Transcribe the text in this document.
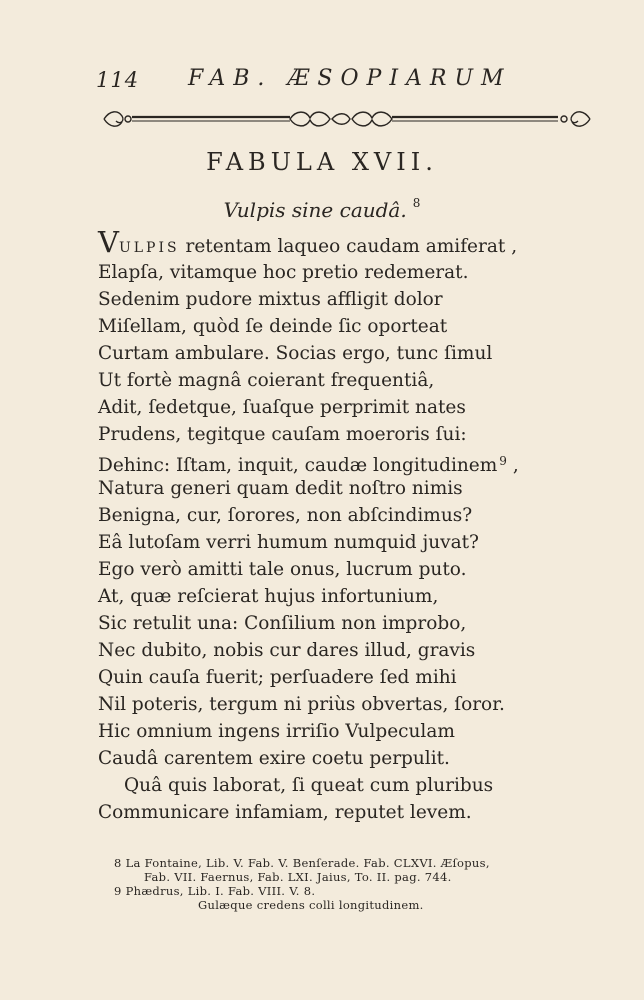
114 FAB. ÆSOPIARUM
FABULA XVII.
Vulpis sine caudâ. $^8$
VULPIS retentam laqueo caudam amiferat ,
Elapſa, vitamque hoc pretio redemerat.
Sedenim pudore mixtus affligit dolor
Miſellam, quòd ſe deinde ſic oporteat
Curtam ambulare. Socias ergo, tunc ſimul
Ut fortè magnâ coierant frequentiâ,
Adit, ſedetque, ſuaſque perprimit nates
Prudens, tegitque cauſam moeroris ſui:
Dehinc: Iſtam, inquit, caudæ longitudinem $^9$ ,
Natura generi quam dedit noſtro nimis
Benigna, cur, ſorores, non abſcindimus?
Eâ lutoſam verri humum numquid juvat?
Ego verò amitti tale onus, lucrum puto.
At, quæ reſcierat hujus infortunium,
Sic retulit una: Conſilium non improbo,
Nec dubito, nobis cur dares illud, gravis
Quin cauſa fuerit; perſuadere ſed mihi
Nil poteris, tergum ni priùs obvertas, ſoror.
Hic omnium ingens irriſio Vulpeculam
Caudâ carentem exire coetu perpulit.
Quâ quis laborat, ſi queat cum pluribus
Communicare infamiam, reputet levem.
8 La Fontaine, Lib. V. Fab. V. Benſerade. Fab. CLXVI. Æſopus,
Fab. VII. Faernus, Fab. LXI. Jaius, To. II. pag. 744.
9 Phædrus, Lib. I. Fab. VIII. V. 8.
Gulæque credens colli longitudinem.
